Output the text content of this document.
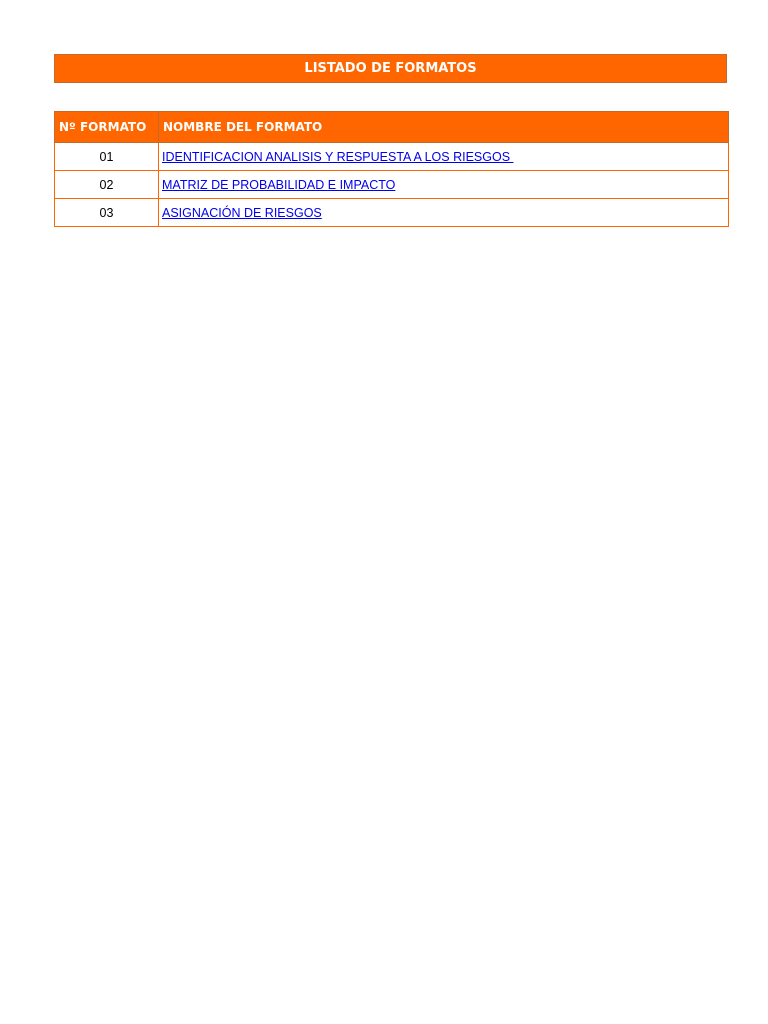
LISTADO DE FORMATOS
Nº FORMATO	NOMBRE DEL FORMATO
01	IDENTIFICACION ANALISIS Y RESPUESTA A LOS RIESGOS
02	MATRIZ DE PROBABILIDAD E IMPACTO
03	ASIGNACIÓN DE RIESGOS
